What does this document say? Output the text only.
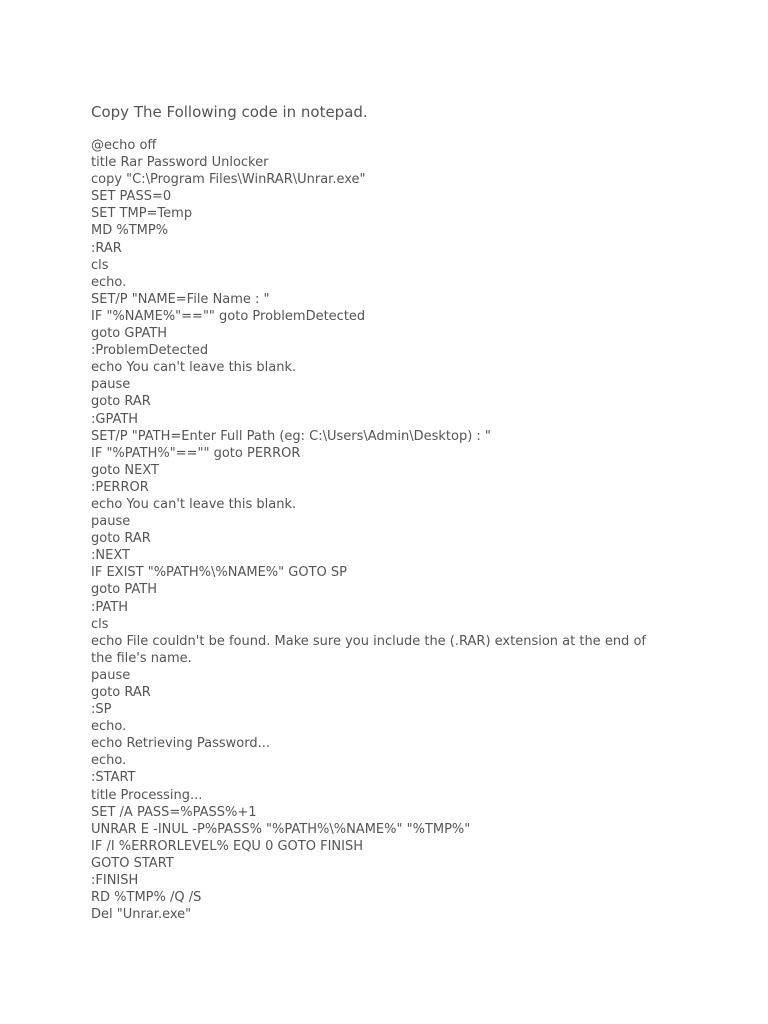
Copy The Following code in notepad.
@echo off
title Rar Password Unlocker
copy "C:\Program Files\WinRAR\Unrar.exe"
SET PASS=0
SET TMP=Temp
MD %TMP%
:RAR
cls
echo.
SET/P "NAME=File Name : "
IF "%NAME%"=="" goto ProblemDetected
goto GPATH
:ProblemDetected
echo You can't leave this blank.
pause
goto RAR
:GPATH
SET/P "PATH=Enter Full Path (eg: C:\Users\Admin\Desktop) : "
IF "%PATH%"=="" goto PERROR
goto NEXT
:PERROR
echo You can't leave this blank.
pause
goto RAR
:NEXT
IF EXIST "%PATH%\%NAME%" GOTO SP
goto PATH
:PATH
cls
echo File couldn't be found. Make sure you include the (.RAR) extension at the end of
the file's name.
pause
goto RAR
:SP
echo.
echo Retrieving Password...
echo.
:START
title Processing...
SET /A PASS=%PASS%+1
UNRAR E -INUL -P%PASS% "%PATH%\%NAME%" "%TMP%"
IF /I %ERRORLEVEL% EQU 0 GOTO FINISH
GOTO START
:FINISH
RD %TMP% /Q /S
Del "Unrar.exe"
